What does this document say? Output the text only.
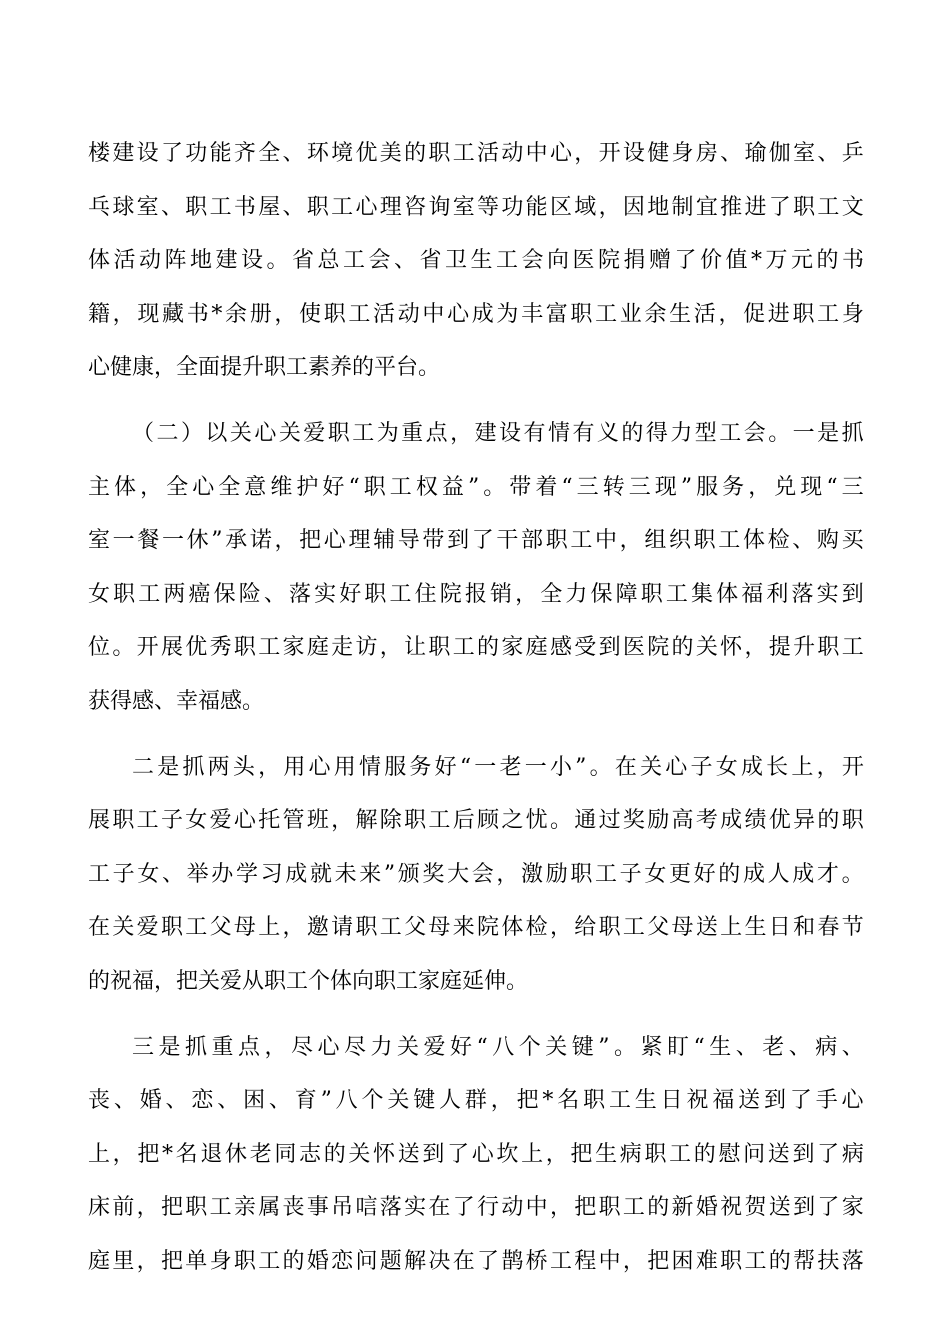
楼 建 设 了 功 能 齐 全 、 环 境 优 美 的 职 工 活 动 中 心 ， 开 设 健 身 房 、 瑜 伽 室 、 乒
乓 球 室 、 职 工 书 屋 、 职 工 心 理 咨 询 室 等 功 能 区 域 ， 因 地 制 宜 推 进 了 职 工 文
体 活 动 阵 地 建 设 。 省 总 工 会 、 省 卫 生 工 会 向 医 院 捐 赠 了 价 值 * 万 元 的 书
籍 ， 现 藏 书 * 余 册 ， 使 职 工 活 动 中 心 成 为 丰 富 职 工 业 余 生 活 ， 促 进 职 工 身
心健康，全面提升职工素养的平台。
（ 二 ） 以 关 心 关 爱 职 工 为 重 点 ， 建 设 有 情 有 义 的 得 力 型 工 会 。 一 是 抓
主 体 ， 全 心 全 意 维 护 好 “ 职 工 权 益 ” 。 带 着 “ 三 转 三 现 ” 服 务 ， 兑 现 “ 三
室 一 餐 一 休 ” 承 诺 ， 把 心 理 辅 导 带 到 了 干 部 职 工 中 ， 组 织 职 工 体 检 、 购 买
女 职 工 两 癌 保 险 、 落 实 好 职 工 住 院 报 销 ， 全 力 保 障 职 工 集 体 福 利 落 实 到
位 。 开 展 优 秀 职 工 家 庭 走 访 ， 让 职 工 的 家 庭 感 受 到 医 院 的 关 怀 ， 提 升 职 工
获得感、幸福感。
二 是 抓 两 头 ， 用 心 用 情 服 务 好 “ 一 老 一 小 ” 。 在 关 心 子 女 成 长 上 ， 开
展 职 工 子 女 爱 心 托 管 班 ， 解 除 职 工 后 顾 之 忧 。 通 过 奖 励 高 考 成 绩 优 异 的 职
工 子 女 、 举 办 学 习 成 就 未 来 ” 颁 奖 大 会 ， 激 励 职 工 子 女 更 好 的 成 人 成 才 。
在 关 爱 职 工 父 母 上 ， 邀 请 职 工 父 母 来 院 体 检 ， 给 职 工 父 母 送 上 生 日 和 春 节
的祝福，把关爱从职工个体向职工家庭延伸。
三 是 抓 重 点 ， 尽 心 尽 力 关 爱 好 “ 八 个 关 键 ” 。 紧 盯 “ 生 、 老 、 病 、
丧 、 婚 、 恋 、 困 、 育 ” 八 个 关 键 人 群 ， 把 * 名 职 工 生 日 祝 福 送 到 了 手 心
上 ， 把 * 名 退 休 老 同 志 的 关 怀 送 到 了 心 坎 上 ， 把 生 病 职 工 的 慰 问 送 到 了 病
床 前 ， 把 职 工 亲 属 丧 事 吊 唁 落 实 在 了 行 动 中 ， 把 职 工 的 新 婚 祝 贺 送 到 了 家
庭 里 ， 把 单 身 职 工 的 婚 恋 问 题 解 决 在 了 鹊 桥 工 程 中 ， 把 困 难 职 工 的 帮 扶 落
